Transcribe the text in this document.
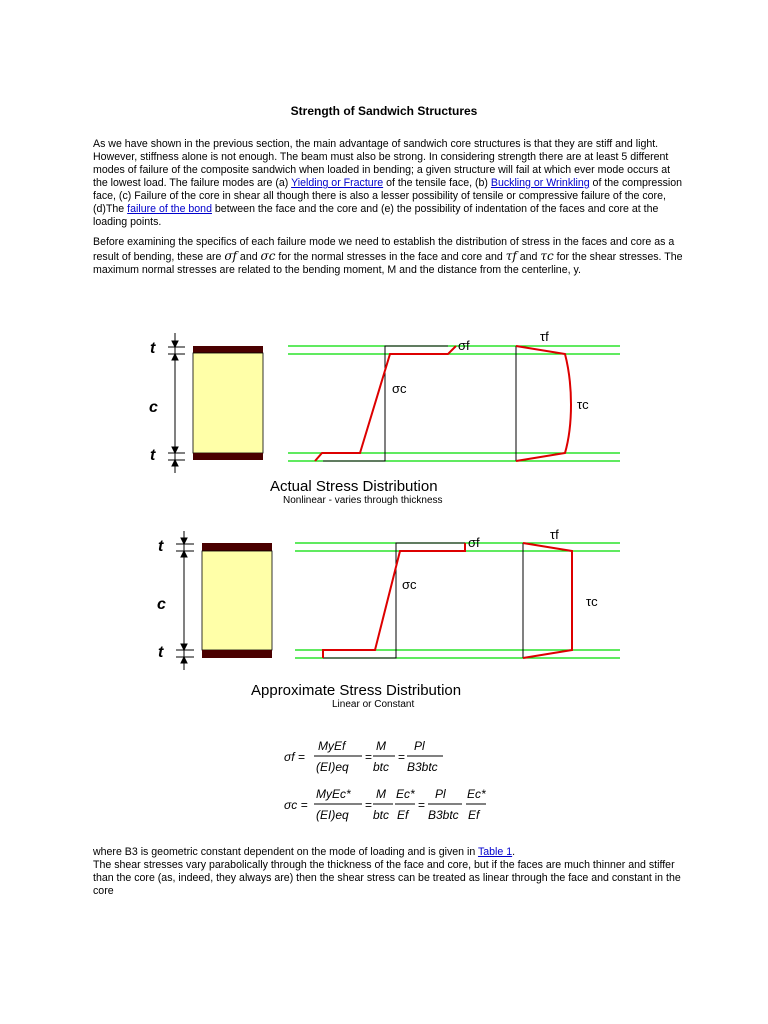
Strength of Sandwich Structures

As we have shown in the previous section, the main advantage of sandwich core structures is that they are stiff and light. However, stiffness alone is not enough. The beam must also be strong. In considering strength there are at least 5 different modes of failure of the composite sandwich when loaded in bending; a given structure will fail at which ever mode occurs at the lowest load. The failure modes are (a) Yielding or Fracture of the tensile face, (b) Buckling or Wrinkling of the compression face, (c) Failure of the core in shear all though there is also a lesser possibility of tensile or compressive failure of the core, (d)The failure of the bond between the face and the core and (e) the possibility of indentation of the faces and core at the loading points.

Before examining the specifics of each failure mode we need to establish the distribution of stress in the faces and core as a result of bending, these are σf and σc for the normal stresses in the face and core and τf and τc for the shear stresses. The maximum normal stresses are related to the bending moment, M and the distance from the centerline, y.

t
c
t
σf
σc
τf
τc
Actual Stress Distribution
Nonlinear - varies through thickness
t
c
t
σf
σc
τf
τc
Approximate Stress Distribution
Linear or Constant
σf =
MyEf
(EI)eq
=
M
btc
=
Pl
B3btc
σc =
MyEc*
(EI)eq
=
M
btc
Ec*
Ef
=
Pl
B3btc
Ec*
Ef

where B3 is geometric constant dependent on the mode of loading and is given in Table 1.
The shear stresses vary parabolically through the thickness of the face and core, but if the faces are much thinner and stiffer than the core (as, indeed, they always are) then the shear stress can be treated as linear through the face and constant in the core
